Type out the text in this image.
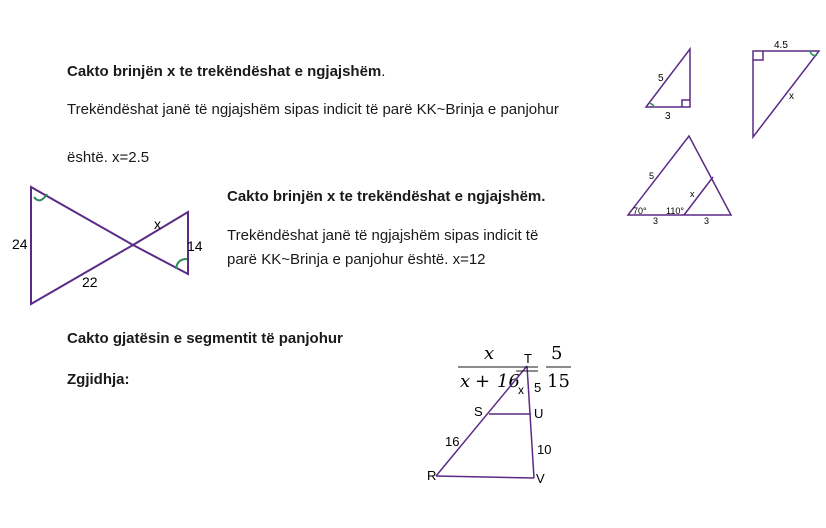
Cakto brinjën x te trekëndëshat e ngjajshëm.
Trekëndëshat janë të ngjajshëm sipas indicit të parë KK~Brinja e panjohur
është. x=2.5
Cakto brinjën x te trekëndëshat e ngjajshëm.
Trekëndëshat janë të ngjajshëm sipas indicit të
parë KK~Brinja e panjohur është. x=12
Cakto gjatësin e segmentit të panjohur
Zgjidhja:
24
22
x
14
5
3
4.5
x
5
70° 110°
3	3
x
x
x + 16
5
15
T
x 5
S	U
16
10
R	V
